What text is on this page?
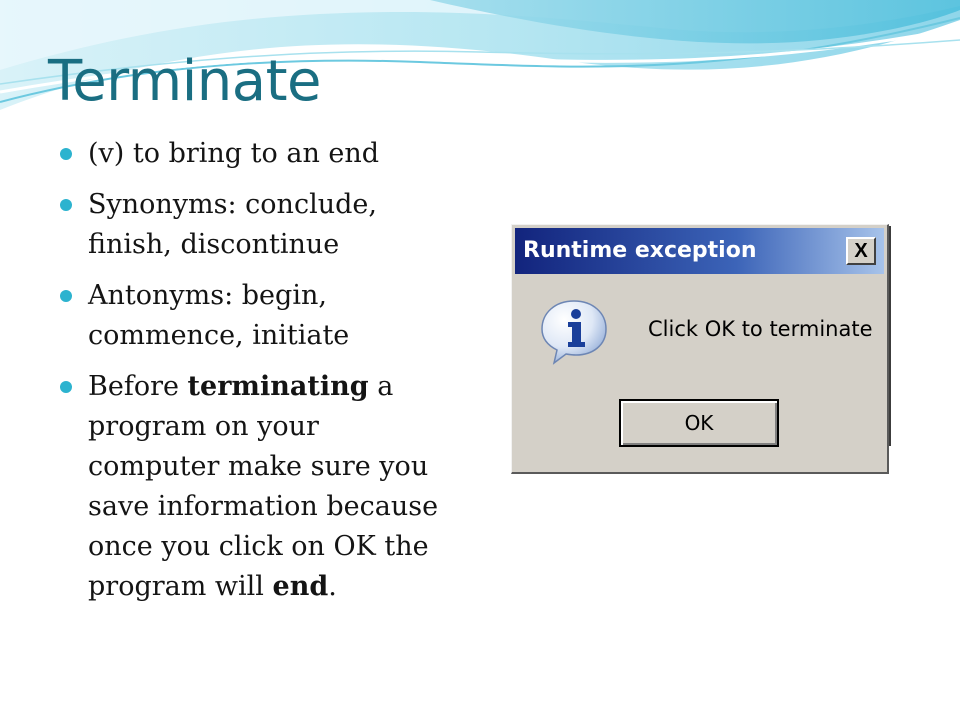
Terminate
(v) to bring to an end
Synonyms: conclude, finish, discontinue
Antonyms: begin, commence, initiate
Before terminating a program on your computer make sure you save information because once you click on OK the program will end.
Runtime exception	X
Click OK to terminate
OK
